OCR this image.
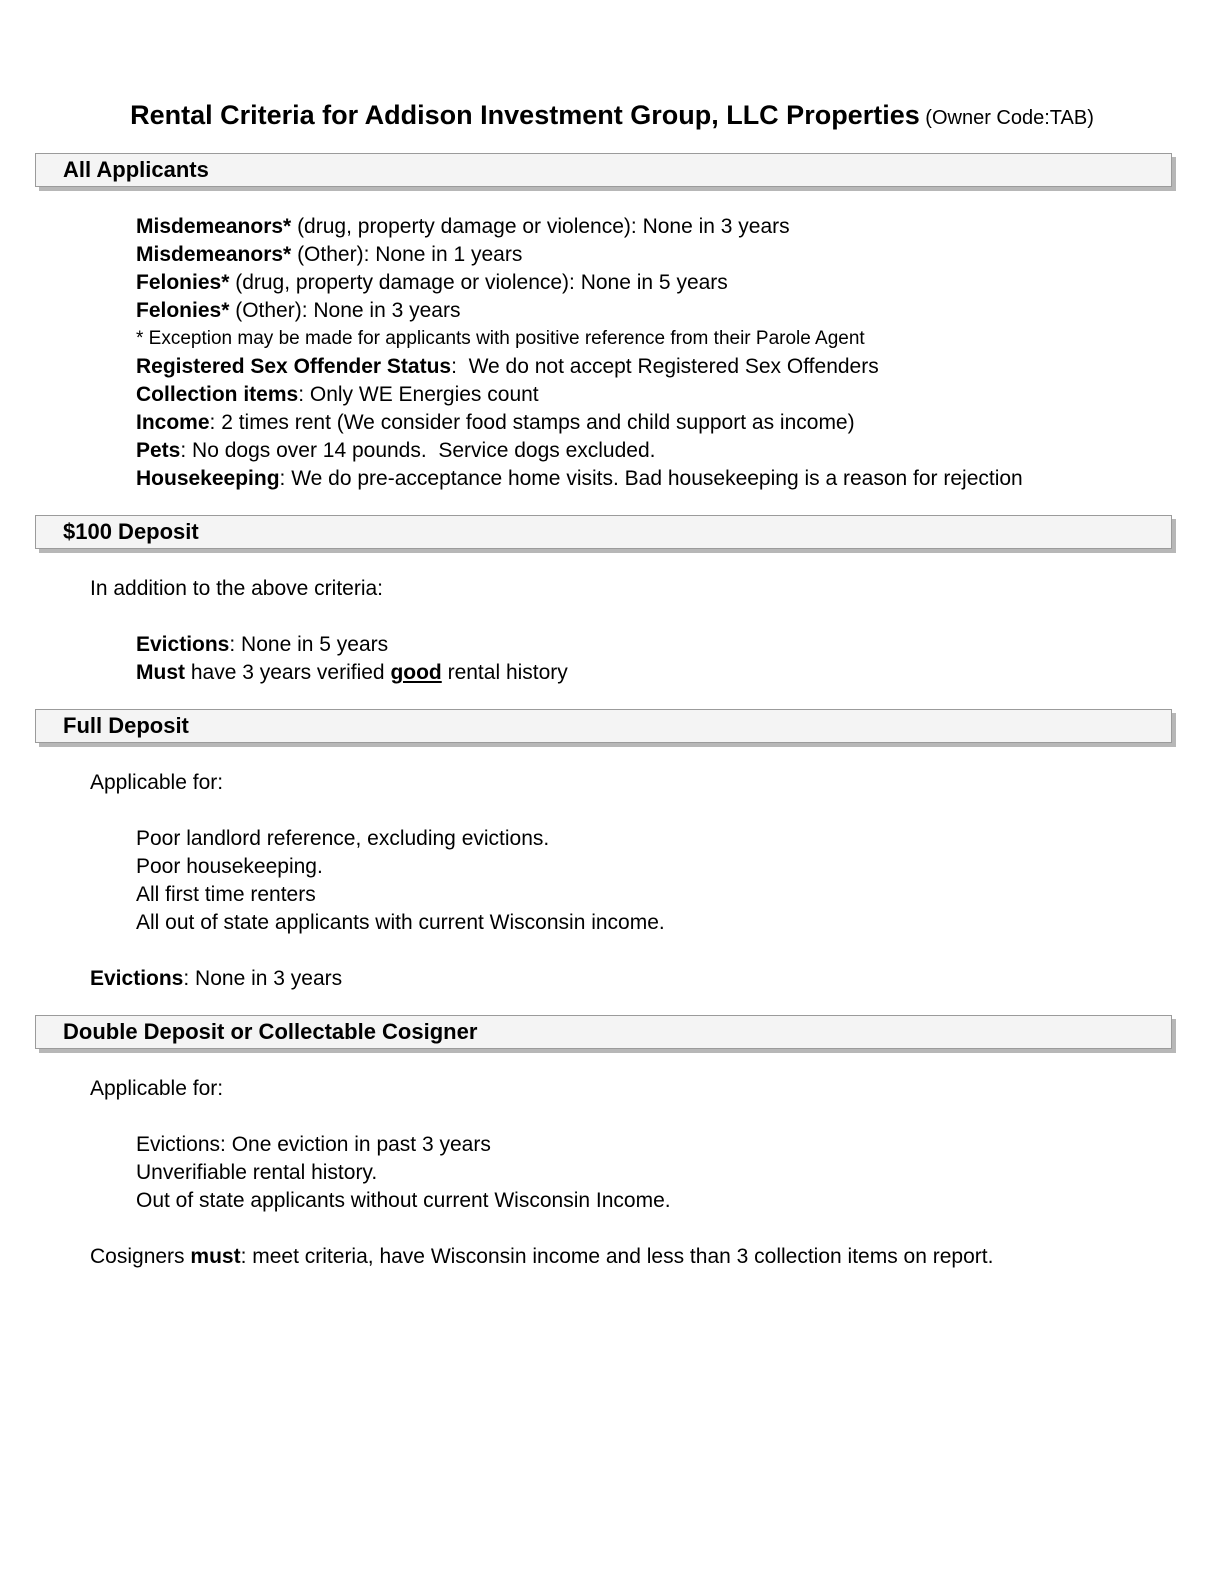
Rental Criteria for Addison Investment Group, LLC Properties (Owner Code:TAB)
All Applicants
Misdemeanors* (drug, property damage or violence): None in 3 years
Misdemeanors* (Other): None in 1 years
Felonies* (drug, property damage or violence): None in 5 years
Felonies* (Other): None in 3 years
* Exception may be made for applicants with positive reference from their Parole Agent
Registered Sex Offender Status:  We do not accept Registered Sex Offenders
Collection items: Only WE Energies count
Income: 2 times rent (We consider food stamps and child support as income)
Pets: No dogs over 14 pounds.  Service dogs excluded.
Housekeeping: We do pre-acceptance home visits. Bad housekeeping is a reason for rejection
$100 Deposit
In addition to the above criteria:
Evictions: None in 5 years
Must have 3 years verified good rental history
Full Deposit
Applicable for:
Poor landlord reference, excluding evictions.
Poor housekeeping.
All first time renters
All out of state applicants with current Wisconsin income.
Evictions: None in 3 years
Double Deposit or Collectable Cosigner
Applicable for:
Evictions: One eviction in past 3 years
Unverifiable rental history.
Out of state applicants without current Wisconsin Income.
Cosigners must: meet criteria, have Wisconsin income and less than 3 collection items on report.
